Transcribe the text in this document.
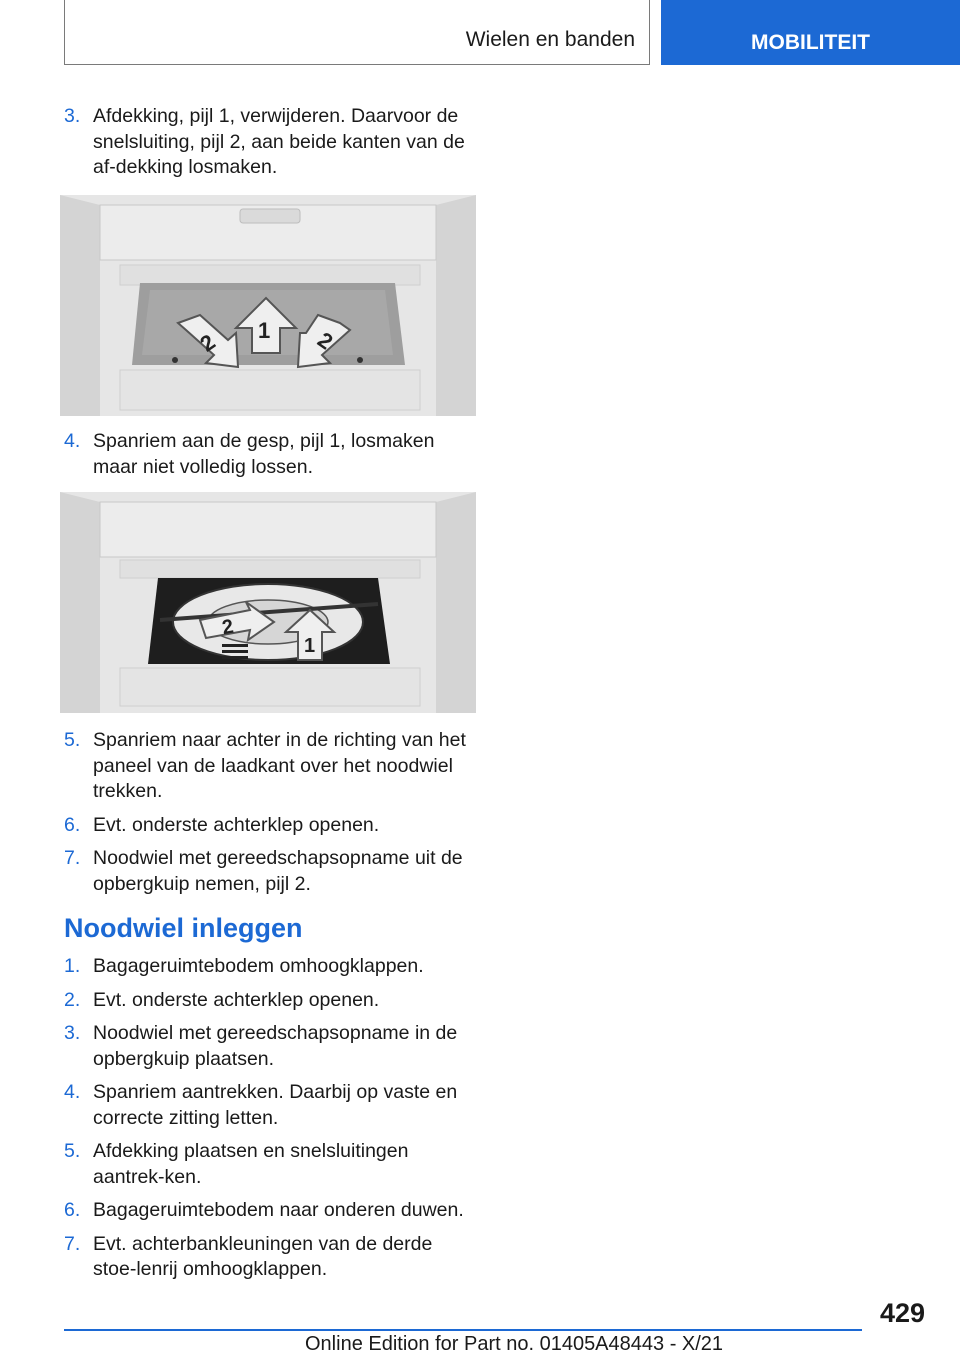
Wielen en banden	MOBILITEIT
3. Afdekking, pijl 1, verwijderen. Daarvoor de snelsluiting, pijl 2, aan beide kanten van de af‐dekking losmaken.
2 1 2
4. Spanriem aan de gesp, pijl 1, losmaken maar niet volledig lossen.
2
1
5. Spanriem naar achter in de richting van het paneel van de laadkant over het noodwiel trekken.
6. Evt. onderste achterklep openen.
7. Noodwiel met gereedschapsopname uit de opbergkuip nemen, pijl 2.
Noodwiel inleggen
1. Bagageruimtebodem omhoogklappen.
2. Evt. onderste achterklep openen.
3. Noodwiel met gereedschapsopname in de opbergkuip plaatsen.
4. Spanriem aantrekken. Daarbij op vaste en correcte zitting letten.
5. Afdekking plaatsen en snelsluitingen aantrek‐ken.
6. Bagageruimtebodem naar onderen duwen.
7. Evt. achterbankleuningen van de derde stoe‐lenrij omhoogklappen.
429
Online Edition for Part no. 01405A48443 - X/21
